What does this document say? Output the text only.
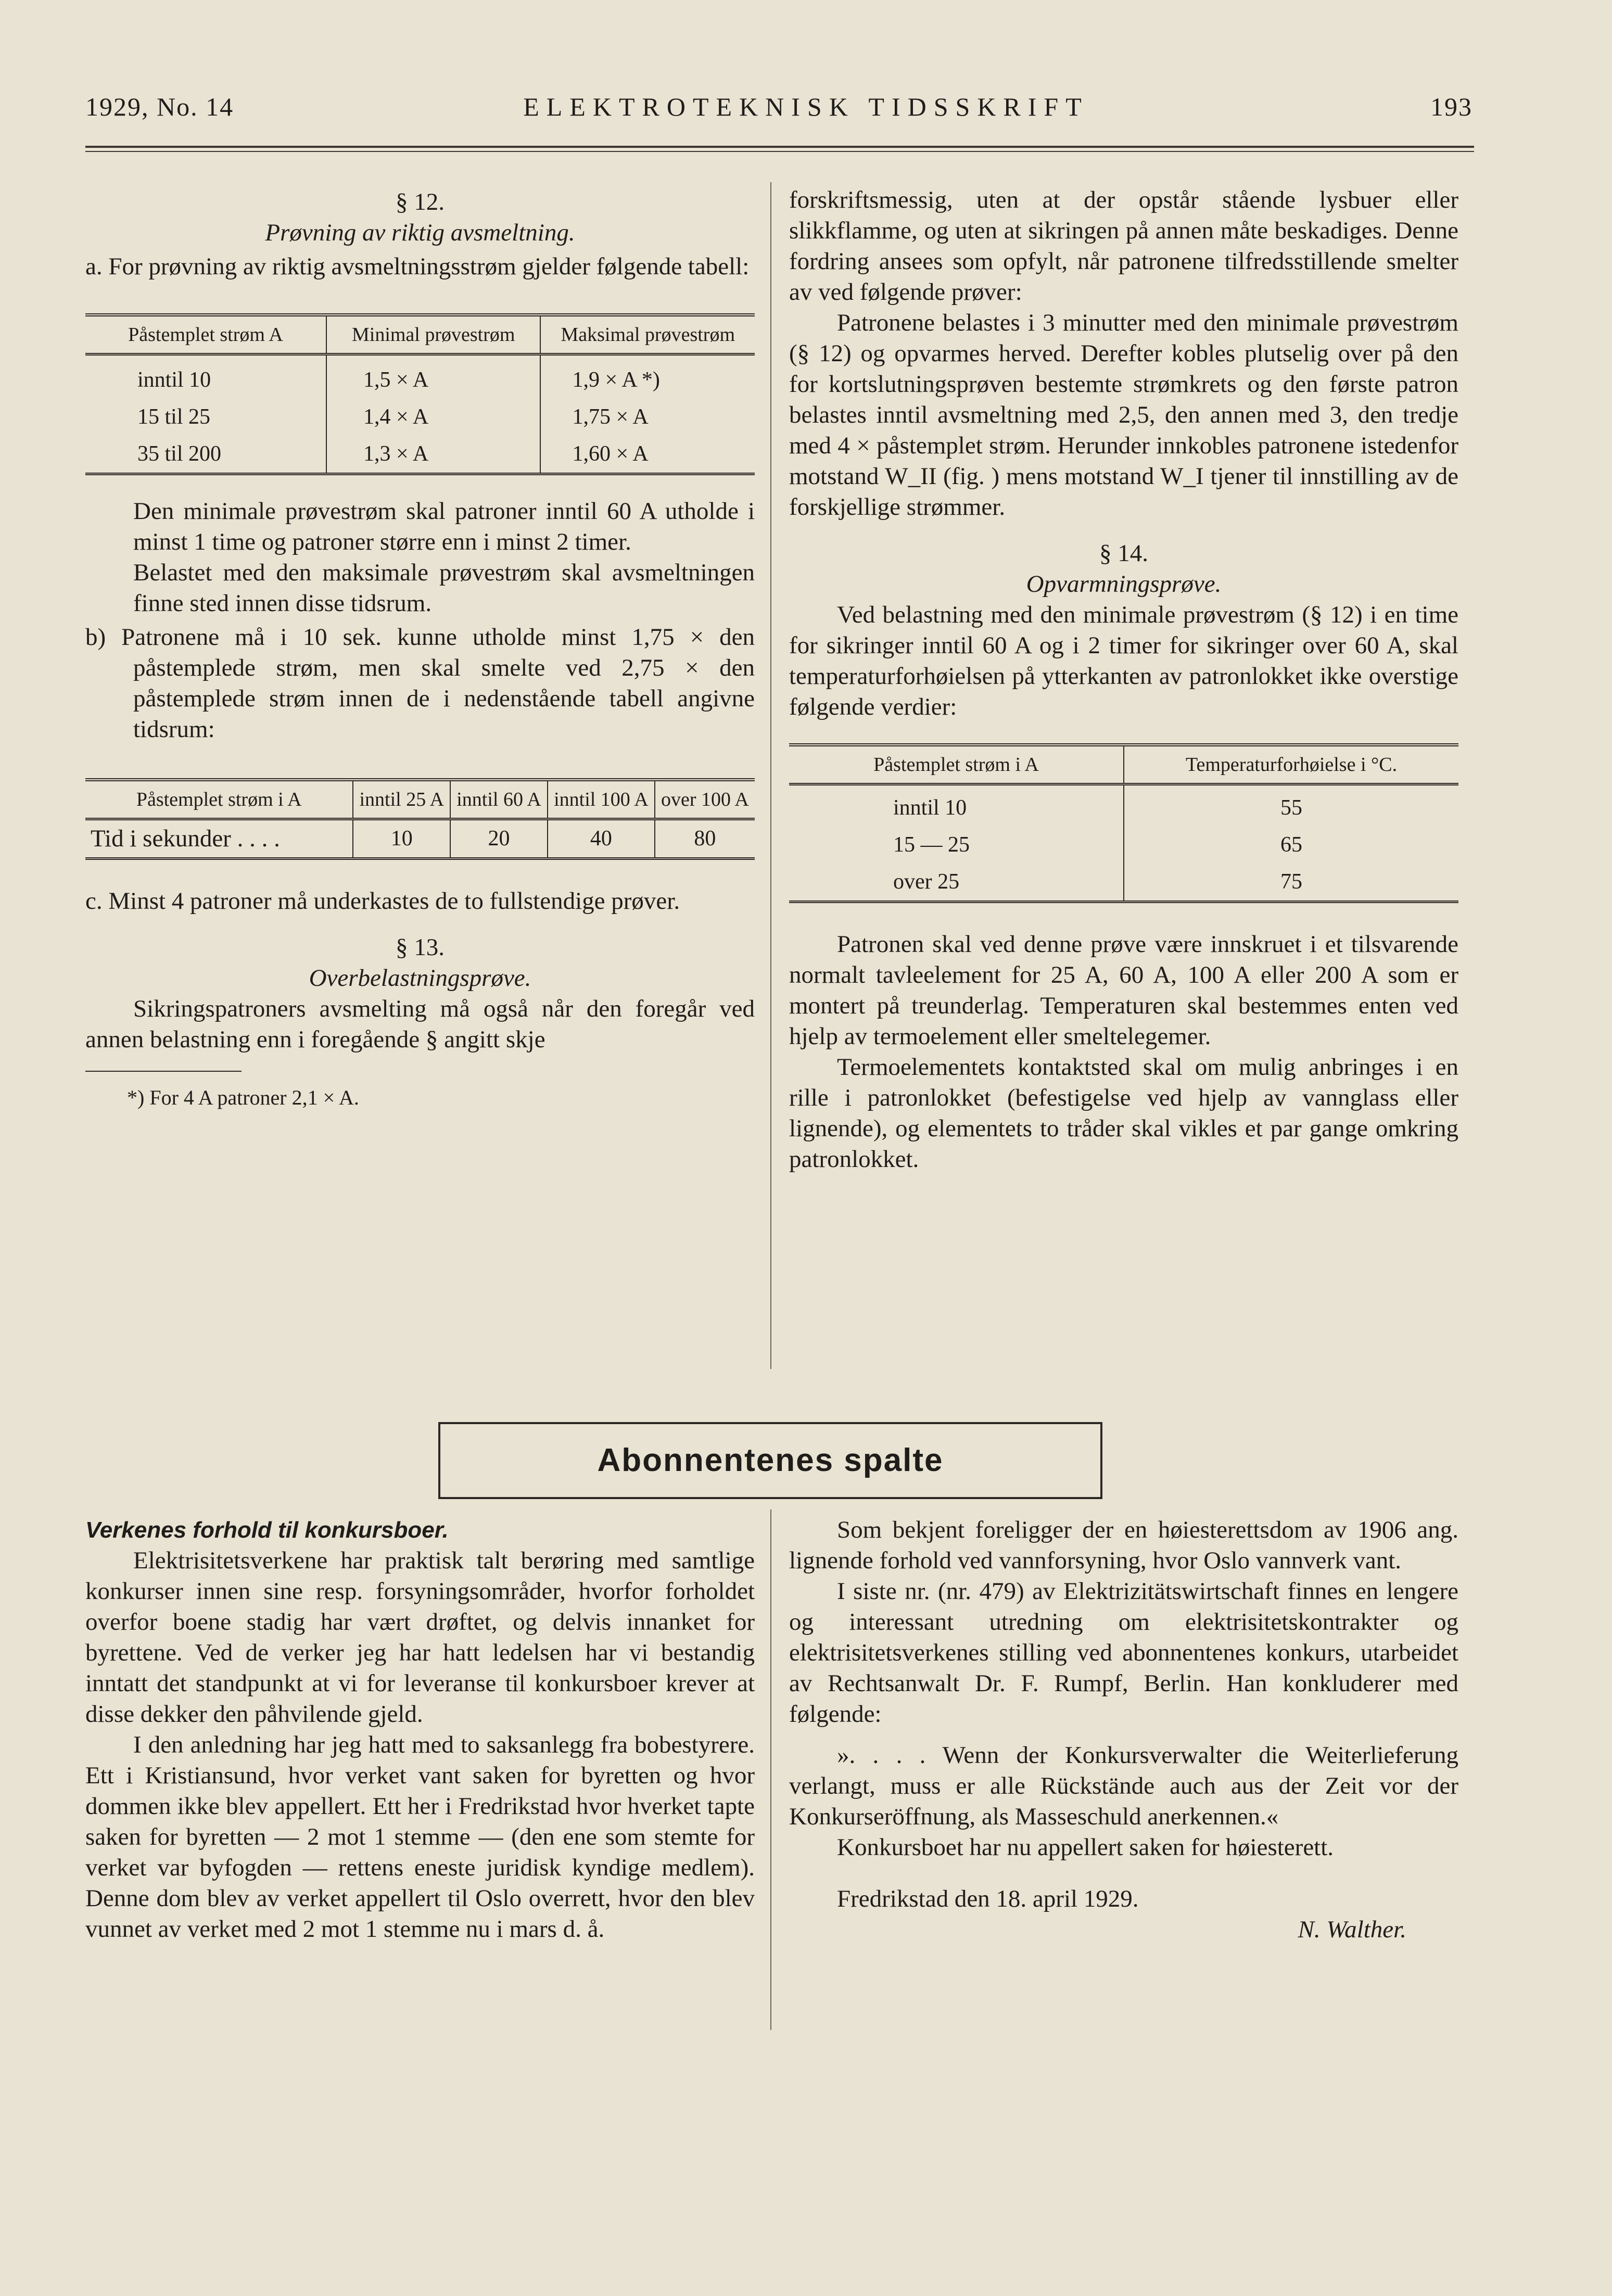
1929, No. 14	ELEKTROTEKNISK TIDSSKRIFT	193

§ 12.

Prøvning av riktig avsmeltning.

a. For prøvning av riktig avsmeltningsstrøm gjelder følgende tabell:

Påstemplet strøm A	Minimal prøvestrøm	Maksimal prøvestrøm
inntil 10	1,5 × A	1,9 × A *)
15 til 25	1,4 × A	1,75 × A
35 til 200	1,3 × A	1,60 × A

Den minimale prøvestrøm skal patroner inntil 60 A utholde i minst 1 time og patroner større enn i minst 2 timer.

Belastet med den maksimale prøvestrøm skal avsmeltningen finne sted innen disse tidsrum.

b) Patronene må i 10 sek. kunne utholde minst 1,75 × den påstemplede strøm, men skal smelte ved 2,75 × den påstemplede strøm innen de i nedenstående tabell angivne tidsrum:

Påstemplet strøm i A	inntil 25 A	inntil 60 A	inntil 100 A	over 100 A
Tid i sekunder . . . .	10	20	40	80

c. Minst 4 patroner må underkastes de to fullstendige prøver.

§ 13.

Overbelastningsprøve.

Sikringspatroners avsmelting må også når den foregår ved annen belastning enn i foregående § angitt skje

*) For 4 A patroner 2,1 × A.

forskriftsmessig, uten at der opstår stående lysbuer eller slikkflamme, og uten at sikringen på annen måte beskadiges. Denne fordring ansees som opfylt, når patronene tilfredsstillende smelter av ved følgende prøver:

Patronene belastes i 3 minutter med den minimale prøvestrøm (§ 12) og opvarmes herved. Derefter kobles plutselig over på den for kortslutningsprøven bestemte strømkrets og den første patron belastes inntil avsmeltning med 2,5, den annen med 3, den tredje med 4 × påstemplet strøm. Herunder innkobles patronene istedenfor motstand W_II (fig. ) mens motstand W_I tjener til innstilling av de forskjellige strømmer.

§ 14.

Opvarmningsprøve.

Ved belastning med den minimale prøvestrøm (§ 12) i en time for sikringer inntil 60 A og i 2 timer for sikringer over 60 A, skal temperaturforhøielsen på ytterkanten av patronlokket ikke overstige følgende verdier:

Påstemplet strøm i A	Temperaturforhøielse i °C.
inntil 10	55
15 — 25	65
over 25	75

Patronen skal ved denne prøve være innskruet i et tilsvarende normalt tavleelement for 25 A, 60 A, 100 A eller 200 A som er montert på treunderlag. Temperaturen skal bestemmes enten ved hjelp av termoelement eller smeltelegemer.

Termoelementets kontaktsted skal om mulig anbringes i en rille i patronlokket (befestigelse ved hjelp av vannglass eller lignende), og elementets to tråder skal vikles et par gange omkring patronlokket.

Abonnentenes spalte

Verkenes forhold til konkursboer.

Elektrisitetsverkene har praktisk talt berøring med samtlige konkurser innen sine resp. forsyningsområder, hvorfor forholdet overfor boene stadig har vært drøftet, og delvis innanket for byrettene. Ved de verker jeg har hatt ledelsen har vi bestandig inntatt det standpunkt at vi for leveranse til konkursboer krever at disse dekker den påhvilende gjeld.

I den anledning har jeg hatt med to saksanlegg fra bobestyrere. Ett i Kristiansund, hvor verket vant saken for byretten og hvor dommen ikke blev appellert. Ett her i Fredrikstad hvor hverket tapte saken for byretten — 2 mot 1 stemme — (den ene som stemte for verket var byfogden — rettens eneste juridisk kyndige medlem). Denne dom blev av verket appellert til Oslo overrett, hvor den blev vunnet av verket med 2 mot 1 stemme nu i mars d. å.

Som bekjent foreligger der en høiesterettsdom av 1906 ang. lignende forhold ved vannforsyning, hvor Oslo vannverk vant.

I siste nr. (nr. 479) av Elektrizitätswirtschaft finnes en lengere og interessant utredning om elektrisitetskontrakter og elektrisitetsverkenes stilling ved abonnentenes konkurs, utarbeidet av Rechtsanwalt Dr. F. Rumpf, Berlin. Han konkluderer med følgende:

». . . . Wenn der Konkursverwalter die Weiterlieferung verlangt, muss er alle Rückstände auch aus der Zeit vor der Konkurseröffnung, als Masseschuld anerkennen.«

Konkursboet har nu appellert saken for høiesterett.

Fredrikstad den 18. april 1929.

N. Walther.
